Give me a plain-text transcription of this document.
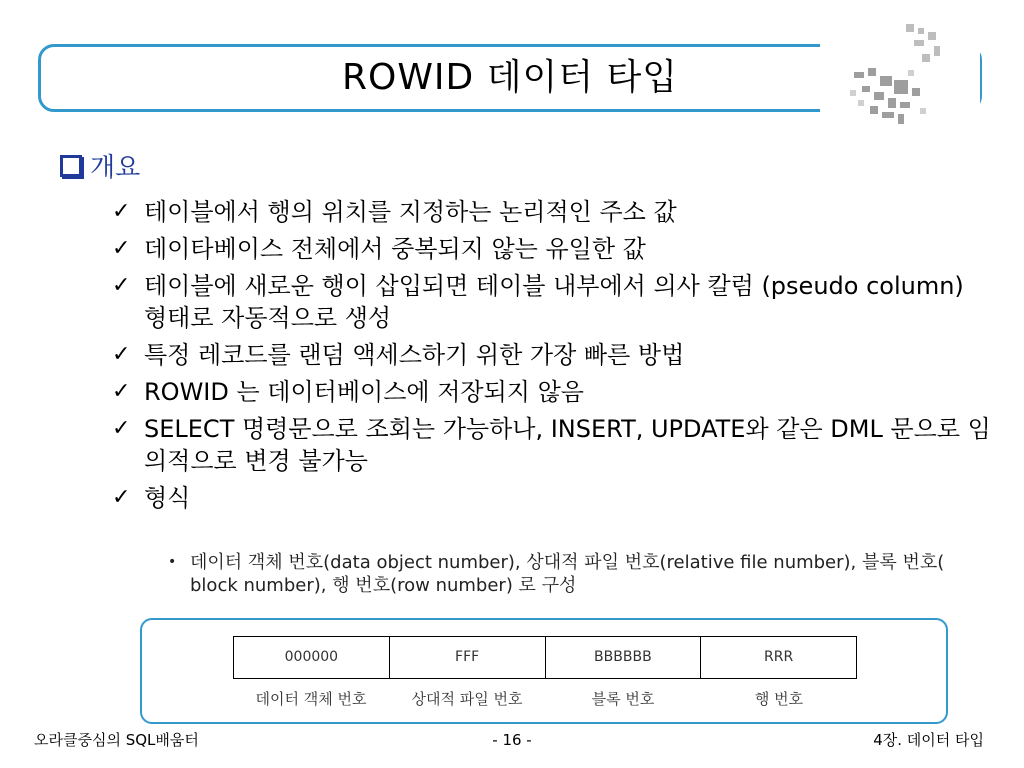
ROWID 데이터 타입
개요
✓ 테이블에서 행의 위치를 지정하는 논리적인 주소 값
✓ 데이타베이스 전체에서 중복되지 않는 유일한 값
✓ 테이블에 새로운 행이 삽입되면 테이블 내부에서 의사 칼럼 (pseudo column) 형태로 자동적으로 생성
✓ 특정 레코드를 랜덤 액세스하기 위한 가장 빠른 방법
✓ ROWID 는 데이터베이스에 저장되지 않음
✓ SELECT 명령문으로 조회는 가능하나, INSERT, UPDATE와 같은 DML 문으로 임의적으로 변경 불가능
✓ 형식
• 데이터 객체 번호(data object number), 상대적 파일 번호(relative file number), 블록 번호( block number), 행 번호(row number) 로 구성
000000	FFF	BBBBBB	RRR
데이터 객체 번호	상대적 파일 번호	블록 번호	행 번호
오라클중심의 SQL배움터	- 16 -	4장. 데이터 타입
